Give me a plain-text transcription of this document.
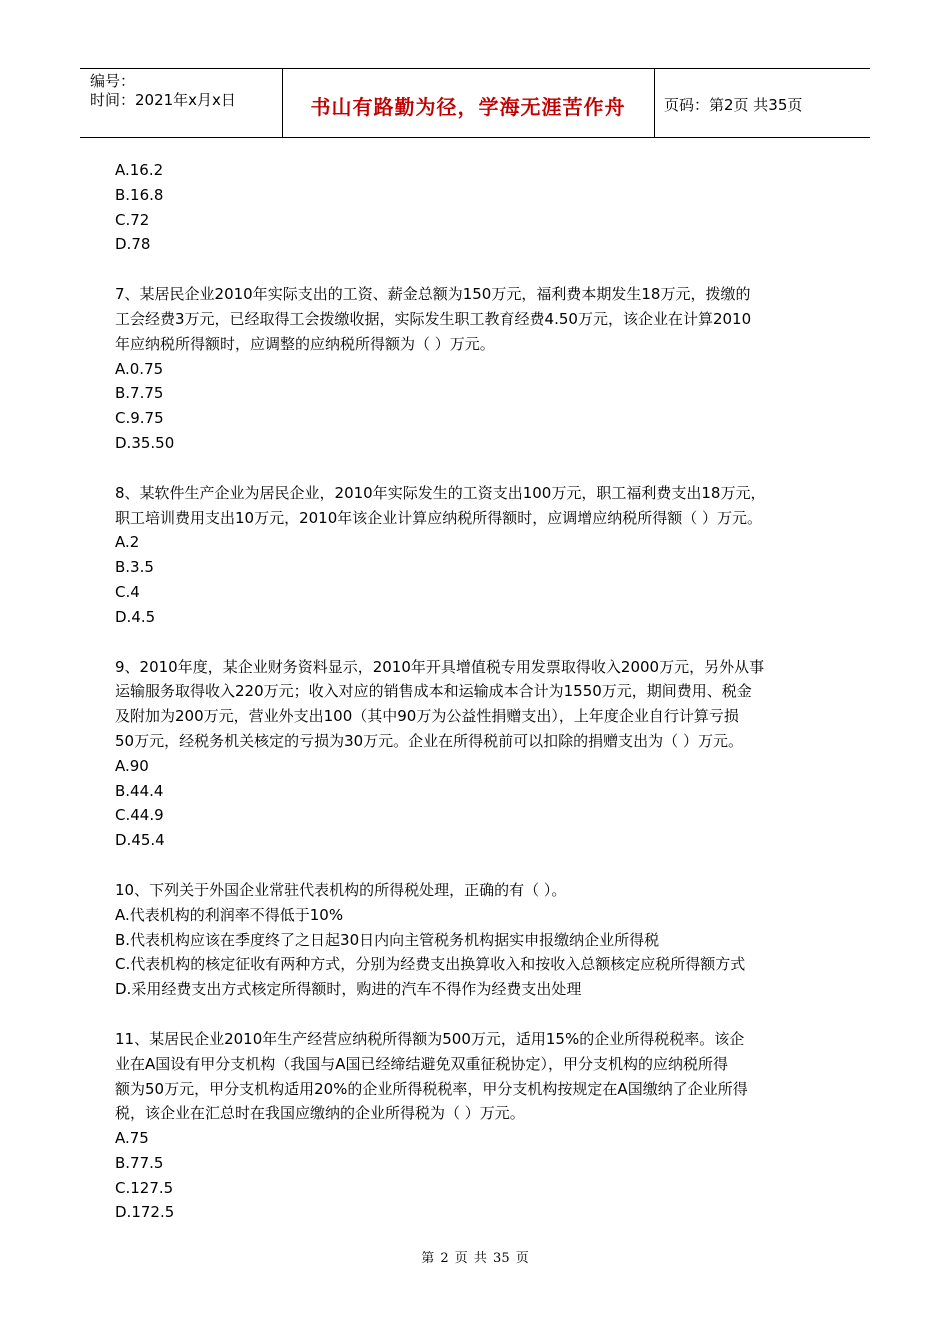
编号：
时间：2021年x月x日	书山有路勤为径，学海无涯苦作舟	页码：第2页 共35页
A.16.2
B.16.8
C.72
D.78
7、某居民企业2010年实际支出的工资、薪金总额为150万元，福利费本期发生18万元，拨缴的
工会经费3万元，已经取得工会拨缴收据，实际发生职工教育经费4.50万元，该企业在计算2010
年应纳税所得额时，应调整的应纳税所得额为（ ）万元。
A.0.75
B.7.75
C.9.75
D.35.50
8、某软件生产企业为居民企业，2010年实际发生的工资支出100万元，职工福利费支出18万元，
职工培训费用支出10万元，2010年该企业计算应纳税所得额时，应调增应纳税所得额（ ）万元。
A.2
B.3.5
C.4
D.4.5
9、2010年度，某企业财务资料显示，2010年开具增值税专用发票取得收入2000万元，另外从事
运输服务取得收入220万元；收入对应的销售成本和运输成本合计为1550万元，期间费用、税金
及附加为200万元，营业外支出100（其中90万为公益性捐赠支出），上年度企业自行计算亏损
50万元，经税务机关核定的亏损为30万元。企业在所得税前可以扣除的捐赠支出为（ ）万元。
A.90
B.44.4
C.44.9
D.45.4
10、下列关于外国企业常驻代表机构的所得税处理，正确的有（ ）。
A.代表机构的利润率不得低于10%
B.代表机构应该在季度终了之日起30日内向主管税务机构据实申报缴纳企业所得税
C.代表机构的核定征收有两种方式，分别为经费支出换算收入和按收入总额核定应税所得额方式
D.采用经费支出方式核定所得额时，购进的汽车不得作为经费支出处理
11、某居民企业2010年生产经营应纳税所得额为500万元，适用15%的企业所得税税率。该企
业在A国设有甲分支机构（我国与A国已经缔结避免双重征税协定），甲分支机构的应纳税所得
额为50万元，甲分支机构适用20%的企业所得税税率，甲分支机构按规定在A国缴纳了企业所得
税，该企业在汇总时在我国应缴纳的企业所得税为（ ）万元。
A.75
B.77.5
C.127.5
D.172.5
第 2 页 共 35 页
